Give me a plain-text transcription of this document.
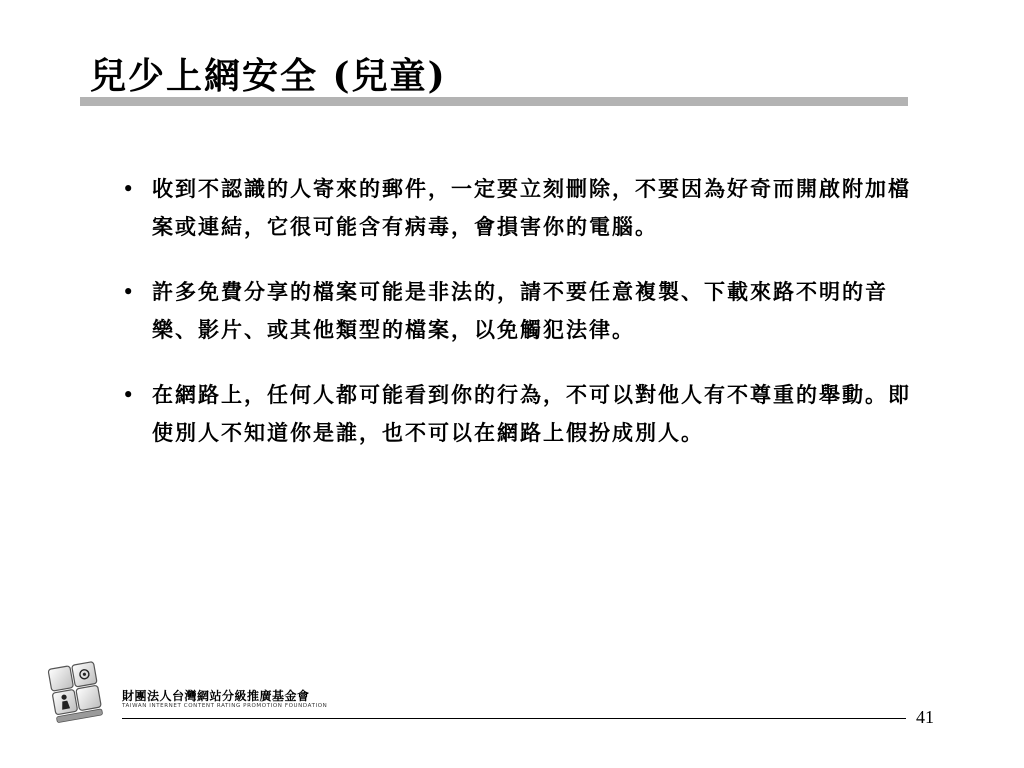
兒少上網安全 (兒童)
• 收到不認識的人寄來的郵件，一定要立刻刪除，不要因為好奇而開啟附加檔案或連結，它很可能含有病毒，會損害你的電腦。
• 許多免費分享的檔案可能是非法的，請不要任意複製、下載來路不明的音樂、影片、或其他類型的檔案，以免觸犯法律。
• 在網路上，任何人都可能看到你的行為，不可以對他人有不尊重的舉動。即使別人不知道你是誰，也不可以在網路上假扮成別人。
財團法人台灣網站分級推廣基金會
TAIWAN INTERNET CONTENT RATING PROMOTION FOUNDATION
41
